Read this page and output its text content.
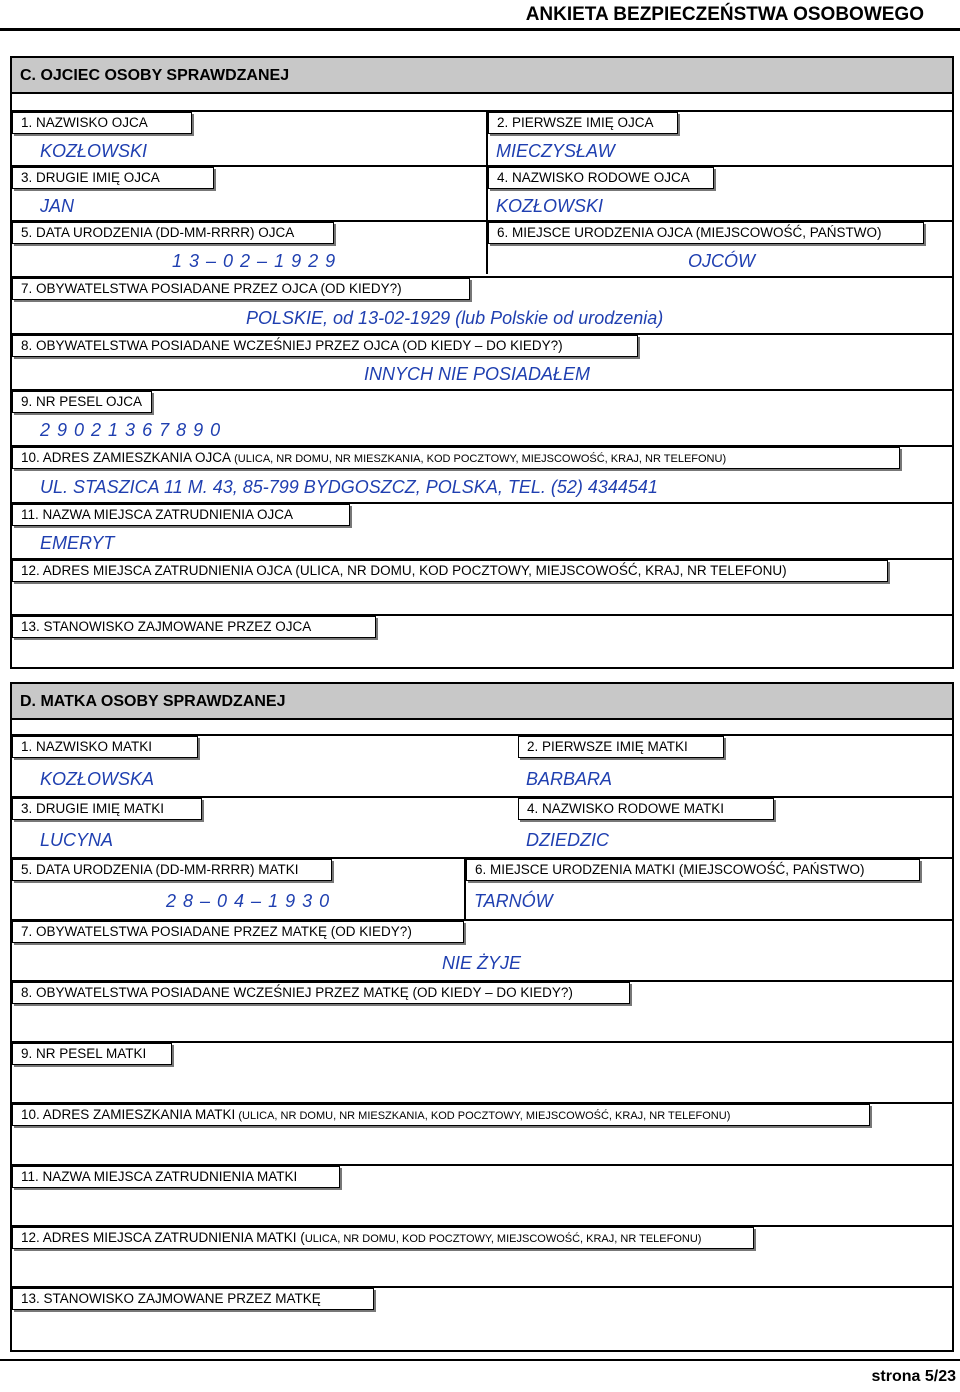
ANKIETA BEZPIECZEŃSTWA OSOBOWEGO
C. OJCIEC OSOBY SPRAWDZANEJ
1. NAZWISKO OJCA
KOZŁOWSKI
2. PIERWSZE IMIĘ OJCA
MIECZYSŁAW
3. DRUGIE IMIĘ OJCA
JAN
4. NAZWISKO RODOWE OJCA
KOZŁOWSKI
5. DATA URODZENIA (DD-MM-RRRR) OJCA
1 3 – 0 2 – 1 9 2 9
6. MIEJSCE URODZENIA OJCA (MIEJSCOWOŚĆ, PAŃSTWO)
OJCÓW
7. OBYWATELSTWA POSIADANE PRZEZ OJCA (OD KIEDY?)
POLSKIE, od 13-02-1929 (lub Polskie od urodzenia)
8. OBYWATELSTWA POSIADANE WCZEŚNIEJ PRZEZ OJCA (OD KIEDY – DO KIEDY?)
INNYCH NIE POSIADAŁEM
9. NR PESEL OJCA
2 9 0 2 1 3 6 7 8 9 0
10. ADRES ZAMIESZKANIA OJCA (ULICA, NR DOMU, NR MIESZKANIA, KOD POCZTOWY, MIEJSCOWOŚĆ, KRAJ, NR TELEFONU)
UL. STASZICA 11 M. 43, 85-799 BYDGOSZCZ, POLSKA, TEL. (52) 4344541
11. NAZWA MIEJSCA ZATRUDNIENIA OJCA
EMERYT
12. ADRES MIEJSCA ZATRUDNIENIA OJCA (ULICA, NR DOMU, KOD POCZTOWY, MIEJSCOWOŚĆ, KRAJ, NR TELEFONU)
13. STANOWISKO ZAJMOWANE PRZEZ OJCA
D. MATKA OSOBY SPRAWDZANEJ
1. NAZWISKO MATKI
KOZŁOWSKA
2. PIERWSZE IMIĘ MATKI
BARBARA
3. DRUGIE IMIĘ MATKI
LUCYNA
4. NAZWISKO RODOWE MATKI
DZIEDZIC
5. DATA URODZENIA (DD-MM-RRRR) MATKI
2 8 – 0 4 – 1 9 3 0
6. MIEJSCE URODZENIA MATKI (MIEJSCOWOŚĆ, PAŃSTWO)
TARNÓW
7. OBYWATELSTWA POSIADANE PRZEZ MATKĘ (OD KIEDY?)
NIE ŻYJE
8. OBYWATELSTWA POSIADANE WCZEŚNIEJ PRZEZ MATKĘ (OD KIEDY – DO KIEDY?)
9. NR PESEL MATKI
10. ADRES ZAMIESZKANIA MATKI (ULICA, NR DOMU, NR MIESZKANIA, KOD POCZTOWY, MIEJSCOWOŚĆ, KRAJ, NR TELEFONU)
11. NAZWA MIEJSCA ZATRUDNIENIA MATKI
12. ADRES MIEJSCA ZATRUDNIENIA MATKI (ULICA, NR DOMU, KOD POCZTOWY, MIEJSCOWOŚĆ, KRAJ, NR TELEFONU)
13. STANOWISKO ZAJMOWANE PRZEZ MATKĘ
strona 5/23
